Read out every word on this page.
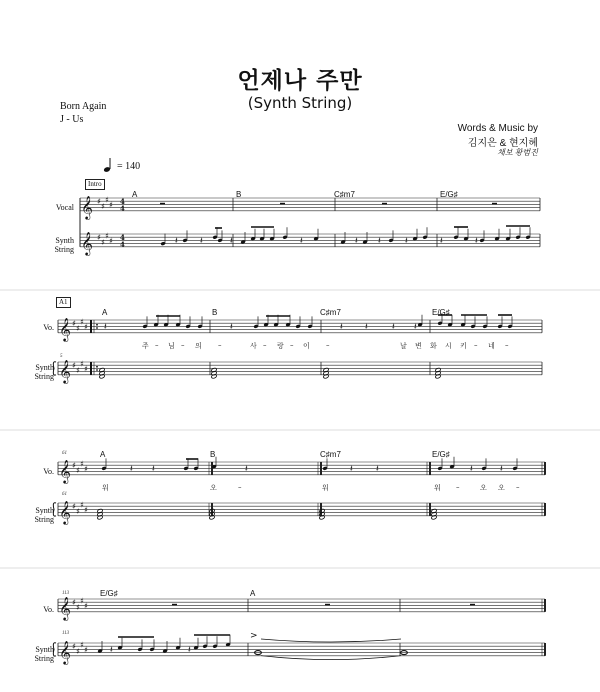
언제나 주만
(Synth String)
Born Again
J - Us
Words & Music by
김지은 & 현지혜
채보 황범진
= 140
Intro
A1
Vocal
Synth
String
Vo.
Synth
String
Vo.
Synth
String
Vo.
Synth
String
5
61
61
113
113
A	B	C♯m7	E/G♯
A	B	C♯m7	E/G♯
A	B	C♯m7	E/G♯
E/G♯	A
주 – 님 – 의 –	사 – 랑 – 이 –	날 변 화 시 키 – 네 –
워	오	–	워	워 –	오 오 –
𝄞 ♯
♯
♯
♯ 4
4
𝄞 ♯
♯
♯
♯ 4
4	𝄽 𝄽	𝄽	𝄽	𝄽 𝄽	𝄽	𝄽	𝄽
𝄞 ♯
♯
♯
♯
𝄞 ♯
♯
♯
♯
𝄽	𝄽	𝄽 𝄽	𝄽 𝄽
𝄞 ♯
♯
♯
♯
𝄞 ♯
♯
♯
♯
𝄽 𝄽	𝄽	𝄽	𝄽	𝄽	𝄽
𝄞 ♯
♯
♯
♯
𝄞 ♯
♯
♯
♯ 𝄽	𝄽
>
